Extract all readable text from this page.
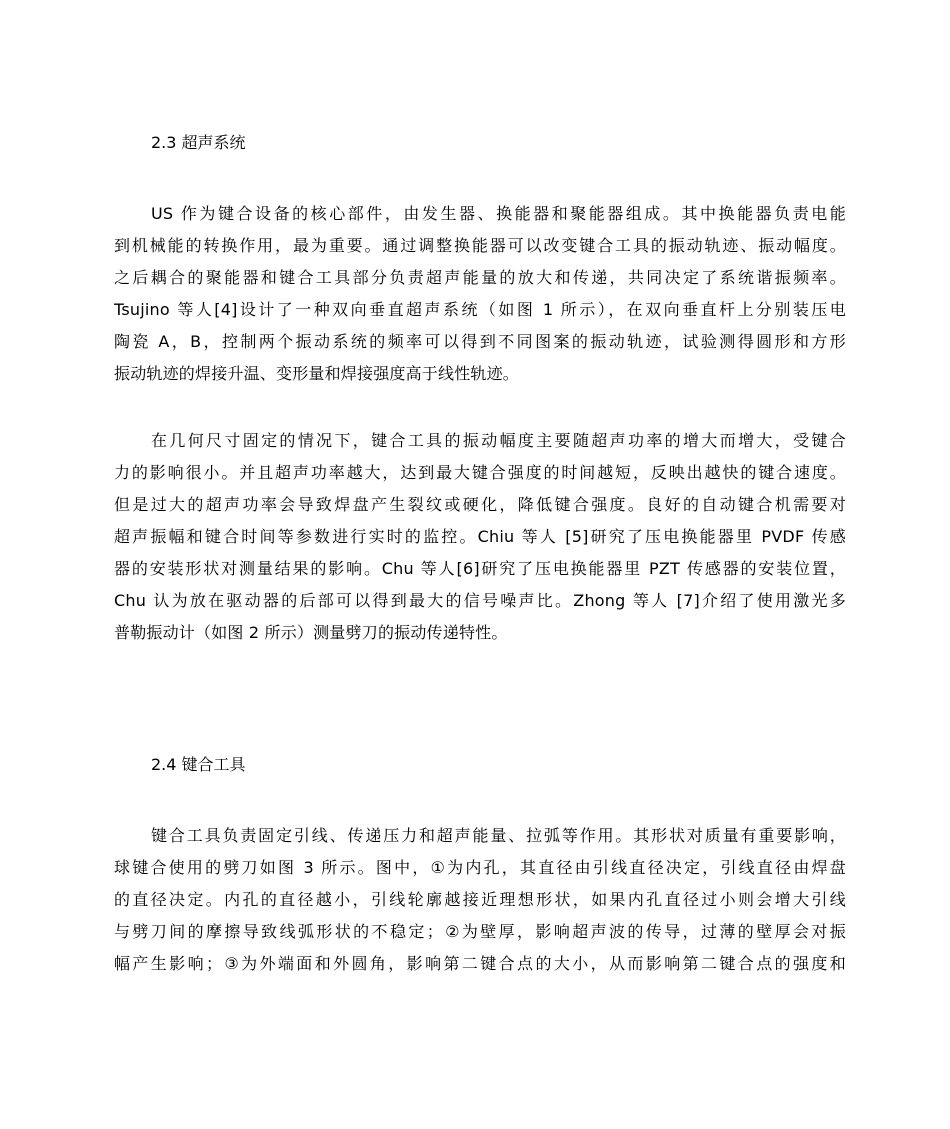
2.3 超声系统
US 作为键合设备的核心部件，由发生器、换能器和聚能器组成。其中换能器负责电能
到机械能的转换作用，最为重要。通过调整换能器可以改变键合工具的振动轨迹、振动幅度。
之后耦合的聚能器和键合工具部分负责超声能量的放大和传递，共同决定了系统谐振频率。
Tsujino 等人[4]设计了一种双向垂直超声系统（如图 1 所示），在双向垂直杆上分别装压电
陶瓷 A，B，控制两个振动系统的频率可以得到不同图案的振动轨迹，试验测得圆形和方形
振动轨迹的焊接升温、变形量和焊接强度高于线性轨迹。
在几何尺寸固定的情况下，键合工具的振动幅度主要随超声功率的增大而增大，受键合
力的影响很小。并且超声功率越大，达到最大键合强度的时间越短，反映出越快的键合速度。
但是过大的超声功率会导致焊盘产生裂纹或硬化，降低键合强度。良好的自动键合机需要对
超声振幅和键合时间等参数进行实时的监控。Chiu 等人 [5]研究了压电换能器里 PVDF 传感
器的安装形状对测量结果的影响。Chu 等人[6]研究了压电换能器里 PZT 传感器的安装位置，
Chu 认为放在驱动器的后部可以得到最大的信号噪声比。Zhong 等人 [7]介绍了使用激光多
普勒振动计（如图 2 所示）测量劈刀的振动传递特性。
2.4 键合工具
键合工具负责固定引线、传递压力和超声能量、拉弧等作用。其形状对质量有重要影响，
球键合使用的劈刀如图 3 所示。图中，①为内孔，其直径由引线直径决定，引线直径由焊盘
的直径决定。内孔的直径越小，引线轮廓越接近理想形状，如果内孔直径过小则会增大引线
与劈刀间的摩擦导致线弧形状的不稳定；②为壁厚，影响超声波的传导，过薄的壁厚会对振
幅产生影响；③为外端面和外圆角，影响第二键合点的大小，从而影响第二键合点的强度和
